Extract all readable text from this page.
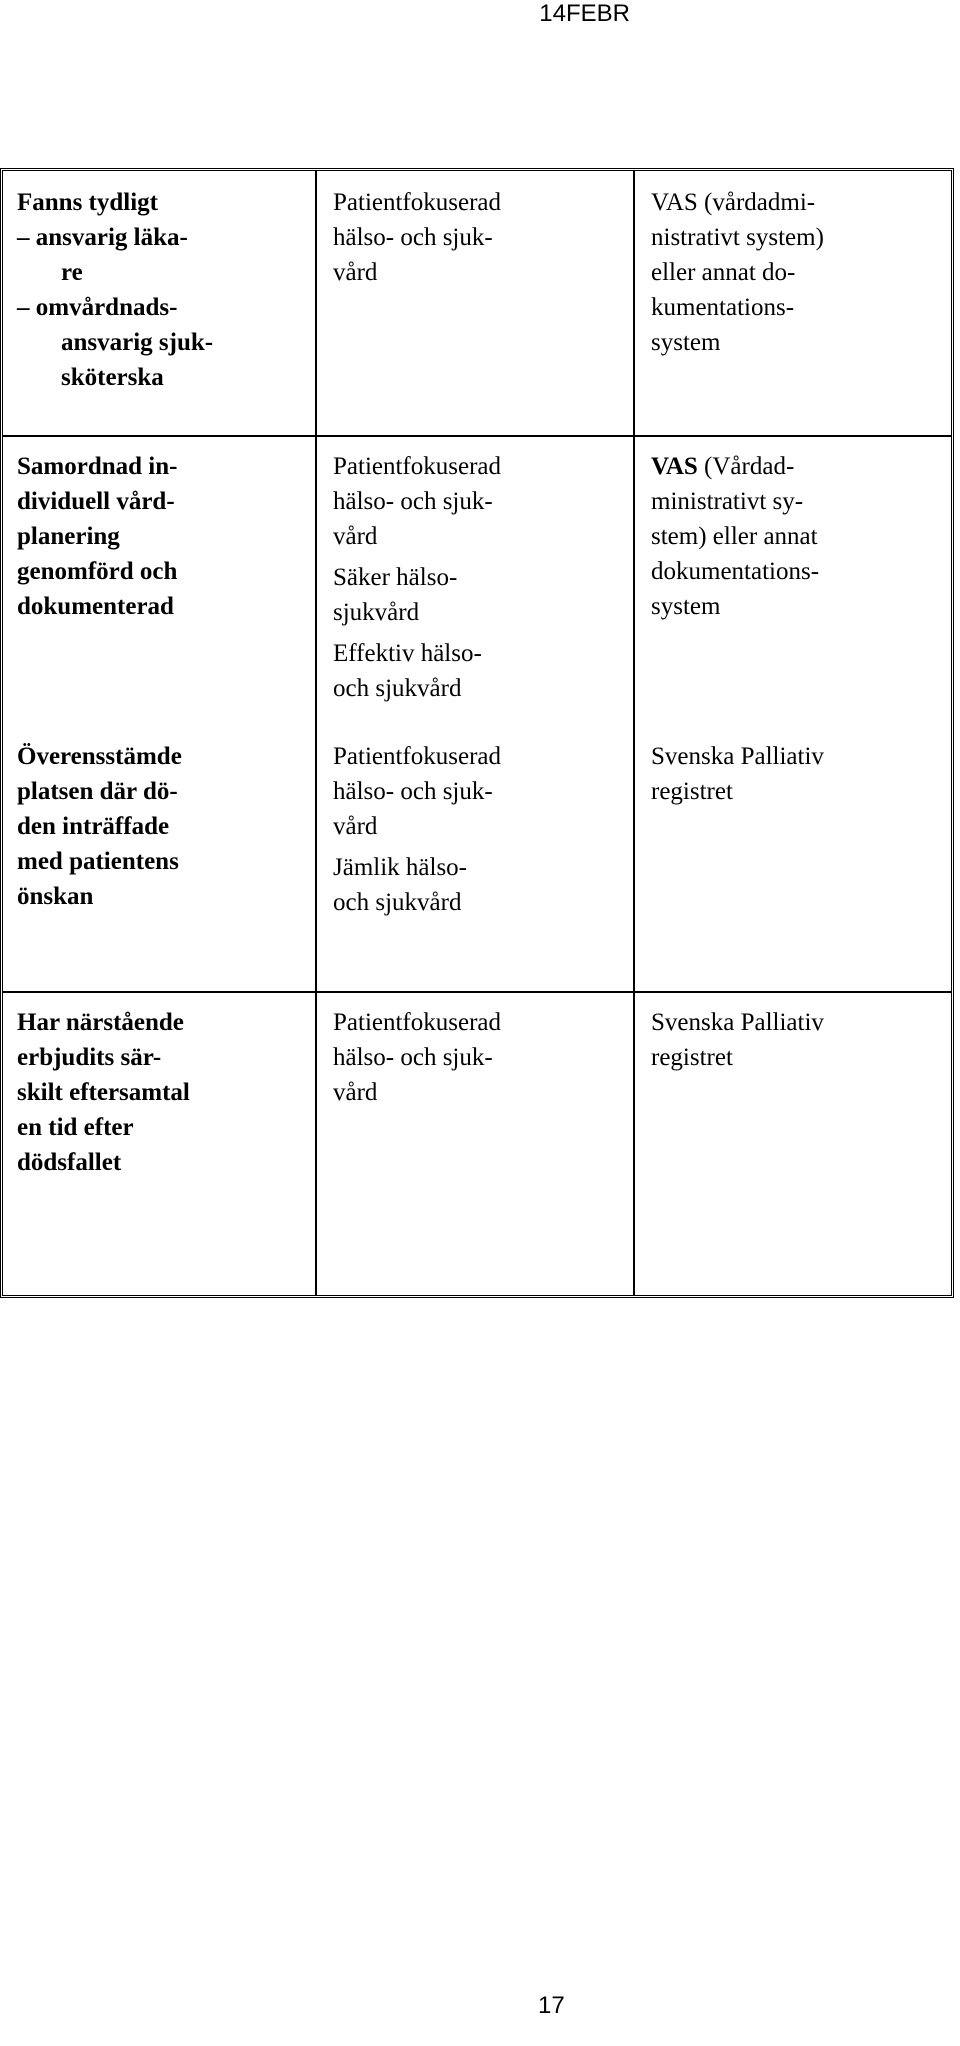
14FEBR
Fanns tydligt
– ansvarig läka-
re
– omvårdnads-
ansvarig sjuk-
sköterska
Patientfokuserad
hälso- och sjuk-
vård
VAS (vårdadmi-
nistrativt system)
eller annat do-
kumentations-
system
Samordnad in-
dividuell vård-
planering
genomförd och
dokumenterad
Patientfokuserad
hälso- och sjuk-
vård
Säker hälso-
sjukvård
Effektiv hälso-
och sjukvård
VAS (Vårdad-
ministrativt sy-
stem) eller annat
dokumentations-
system
Överensstämde
platsen där dö-
den inträffade
med patientens
önskan
Patientfokuserad
hälso- och sjuk-
vård
Jämlik hälso-
och sjukvård
Svenska Palliativ
registret
Har närstående
erbjudits sär-
skilt eftersamtal
en tid efter
dödsfallet
Patientfokuserad
hälso- och sjuk-
vård
Svenska Palliativ
registret
17
